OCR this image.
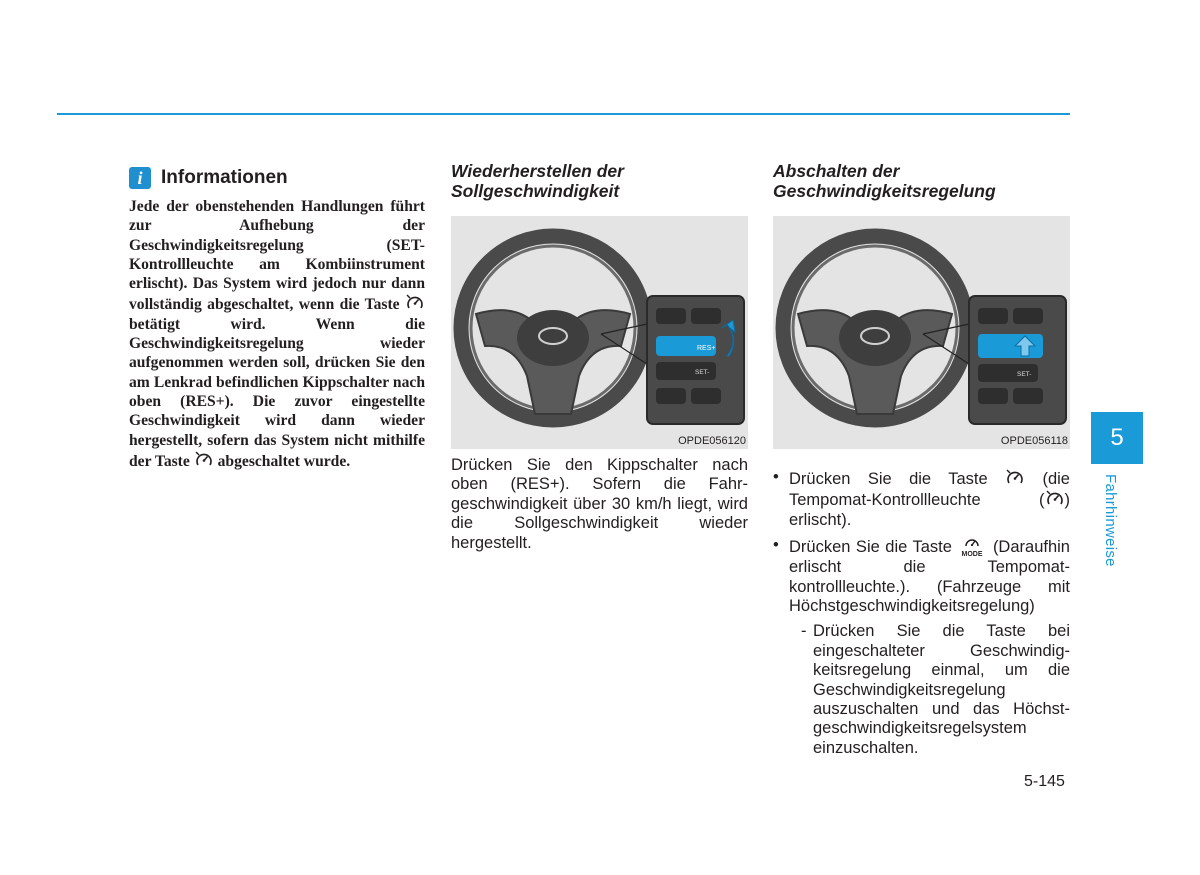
i Informationen
Jede der obenstehenden Handlungen führt zur Aufhebung der Geschwindigkeitsregelung (SET-Kontrollleuchte am Kombiinstrument erlischt). Das System wird jedoch nur dann vollständig abgeschaltet, wenn die Taste  betätigt wird. Wenn die Geschwindigkeitsregelung wieder aufgenommen werden soll, drücken Sie den am Lenkrad befindlichen Kippschalter nach oben (RES+). Die zuvor eingestellte Geschwindigkeit wird dann wieder hergestellt, sofern das System nicht mithilfe der Taste abgeschaltet wurde.
Wiederherstellen der
Sollgeschwindigkeit
RES+
SET-
OPDE056120
Drücken Sie den Kippschalter nach oben (RES+). Sofern die Fahr-geschwindigkeit über 30 km/h liegt, wird die Sollgeschwindigkeit wieder hergestellt.
Abschalten der
Geschwindigkeitsregelung
SET-
OPDE056118
• Drücken Sie die Taste	(die Tempomat-Kontrollleuchte ( ) erlischt).
• Drücken Sie die Taste MODE (Daraufhin erlischt die Tempomat-kontrollleuchte.). (Fahrzeuge mit Höchstgeschwindigkeitsregelung)
- Drücken Sie die Taste bei eingeschalteter Geschwindig-keitsregelung einmal, um die Geschwindigkeitsregelung auszuschalten und das Höchst-geschwindigkeitsregelsystem einzuschalten.
5
Fahrhinweise
5-145
